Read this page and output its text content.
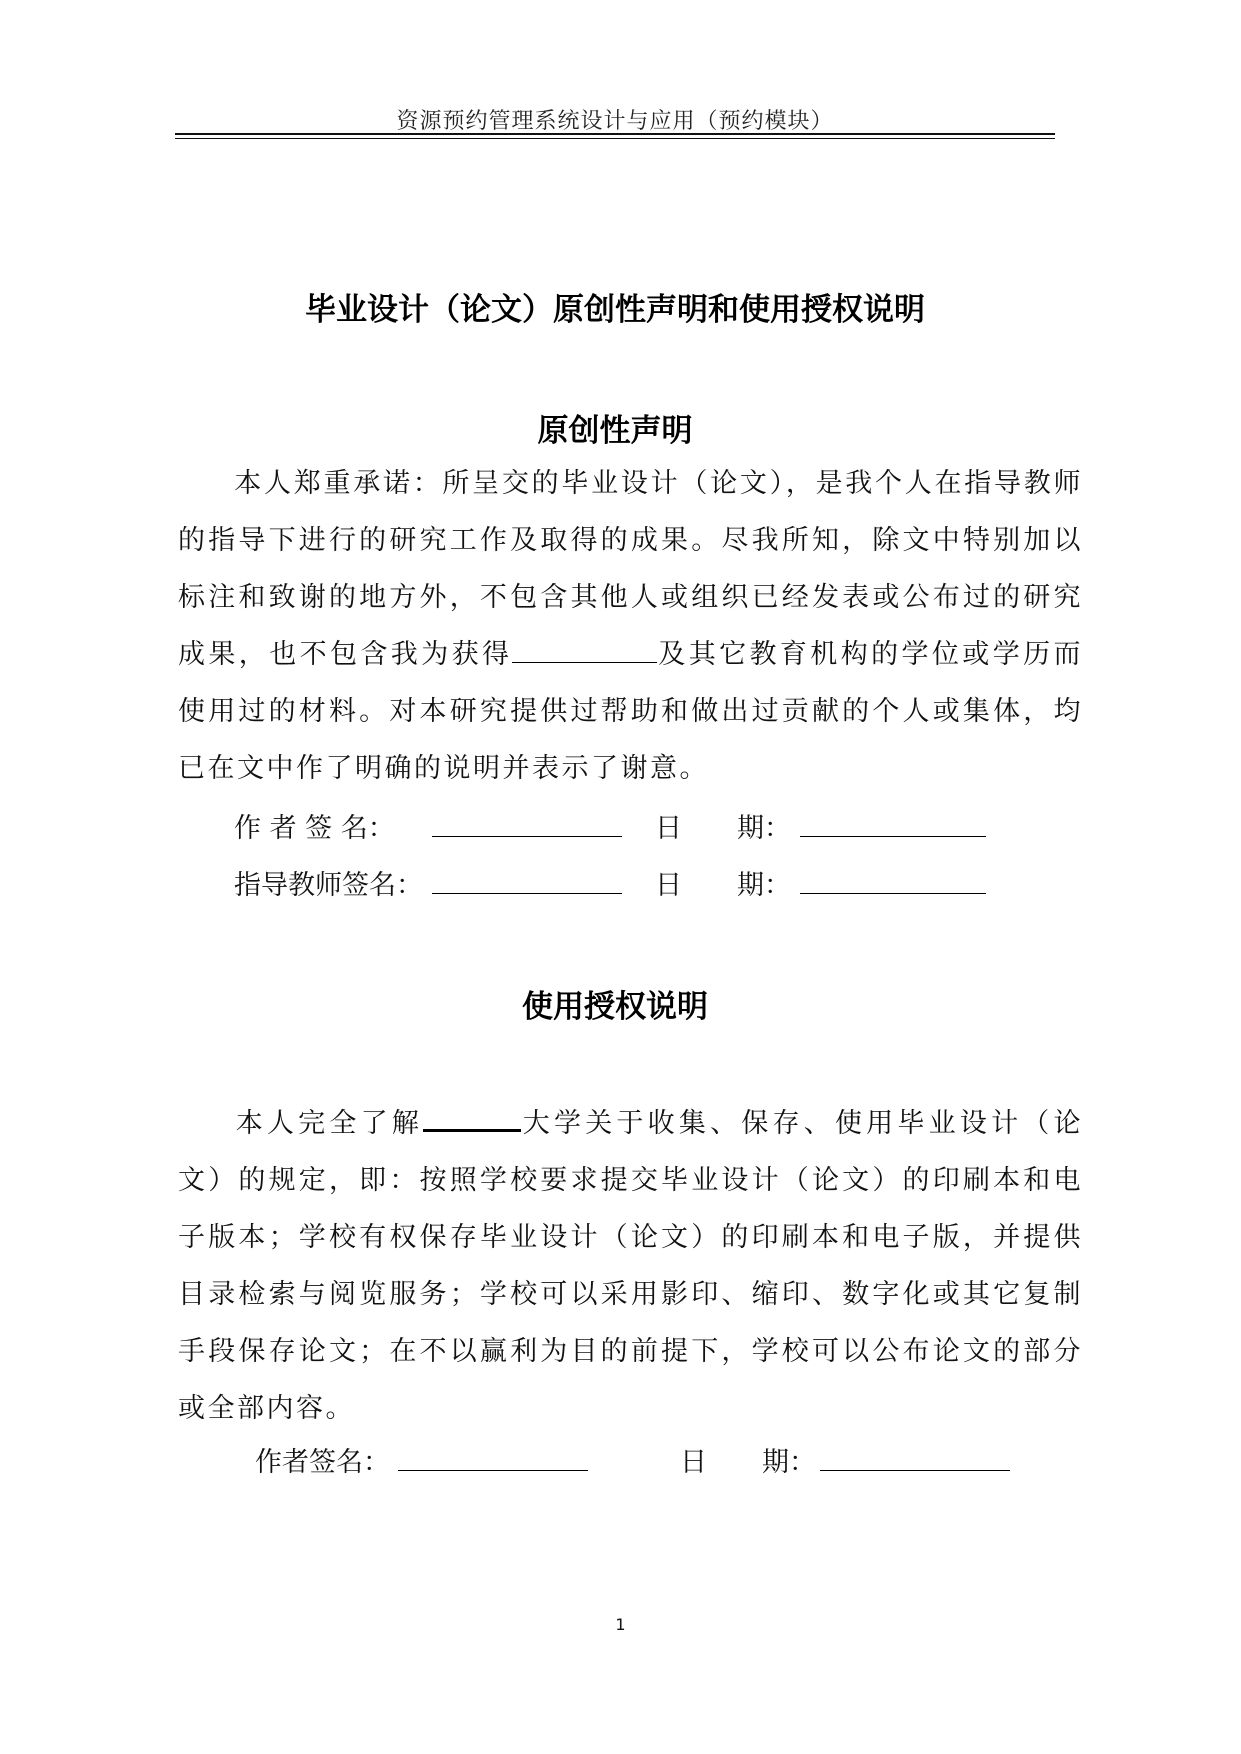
资源预约管理系统设计与应用（预约模块）
毕业设计（论文）原创性声明和使用授权说明
原创性声明
本人郑重承诺：所呈交的毕业设计（论文），是我个人在指导教师的指导下进行的研究工作及取得的成果。尽我所知，除文中特别加以标注和致谢的地方外，不包含其他人或组织已经发表或公布过的研究成果，也不包含我为获得	及其它教育机构的学位或学历而使用过的材料。对本研究提供过帮助和做出过贡献的个人或集体，均已在文中作了明确的说明并表示了谢意。
作 者 签 名：	日 期：
指导教师签名：	日 期：
使用授权说明
本人完全了解	大学关于收集、保存、使用毕业设计（论文）的规定，即：按照学校要求提交毕业设计（论文）的印刷本和电子版本；学校有权保存毕业设计（论文）的印刷本和电子版，并提供目录检索与阅览服务；学校可以采用影印、缩印、数字化或其它复制手段保存论文；在不以赢利为目的前提下，学校可以公布论文的部分或全部内容。
作者签名：	日 期：
1
